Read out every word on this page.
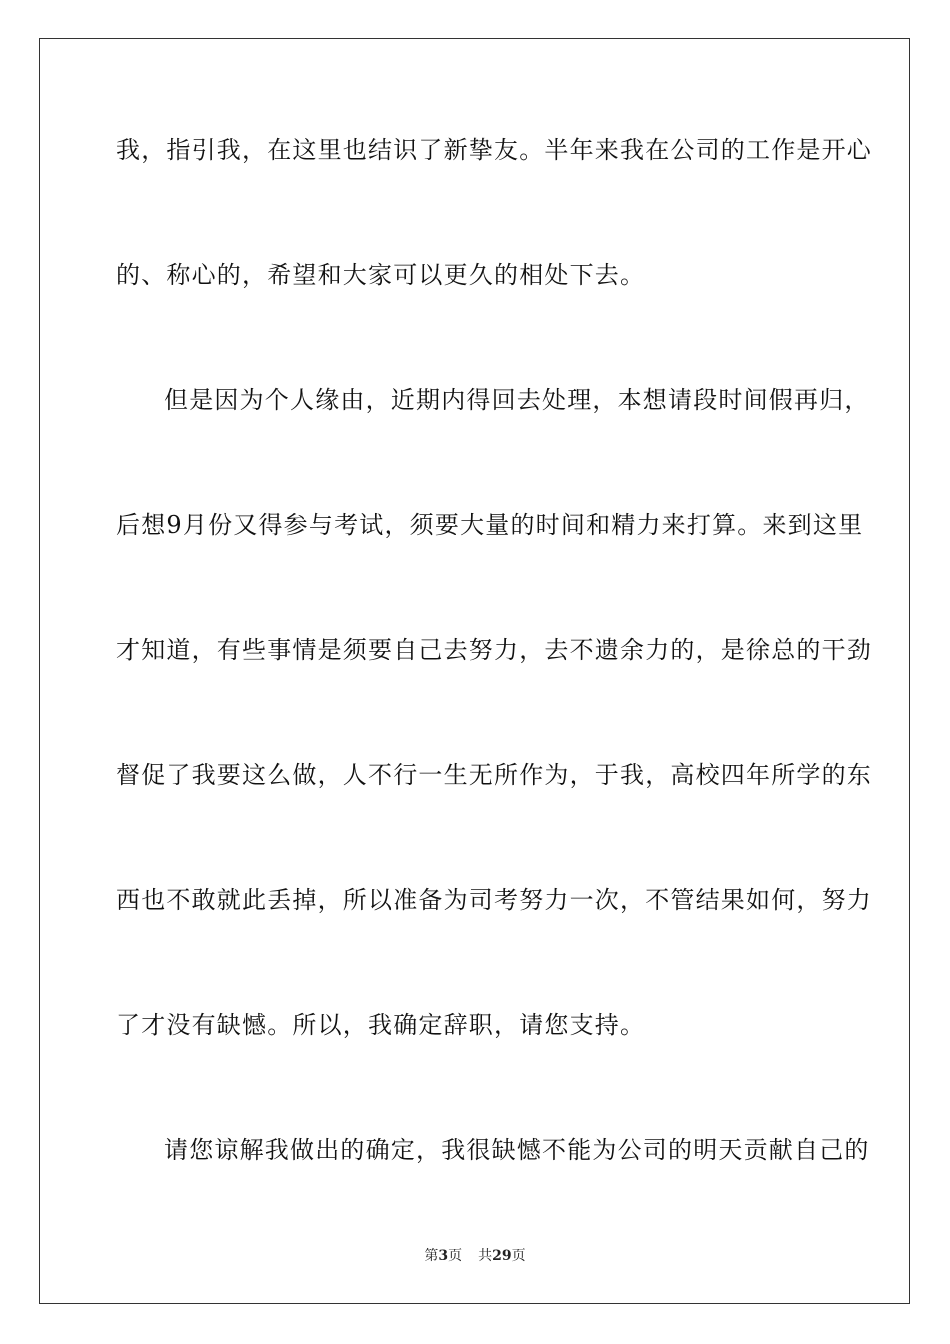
我，指引我，在这里也结识了新挚友。半年来我在公司的工作是开心
的、称心的，希望和大家可以更久的相处下去。
但是因为个人缘由，近期内得回去处理，本想请段时间假再归，
后想9月份又得参与考试，须要大量的时间和精力来打算。来到这里
才知道，有些事情是须要自己去努力，去不遗余力的，是徐总的干劲
督促了我要这么做，人不行一生无所作为，于我，高校四年所学的东
西也不敢就此丢掉，所以准备为司考努力一次，不管结果如何，努力
了才没有缺憾。所以，我确定辞职，请您支持。
请您谅解我做出的确定，我很缺憾不能为公司的明天贡献自己的
第3页 共29页
